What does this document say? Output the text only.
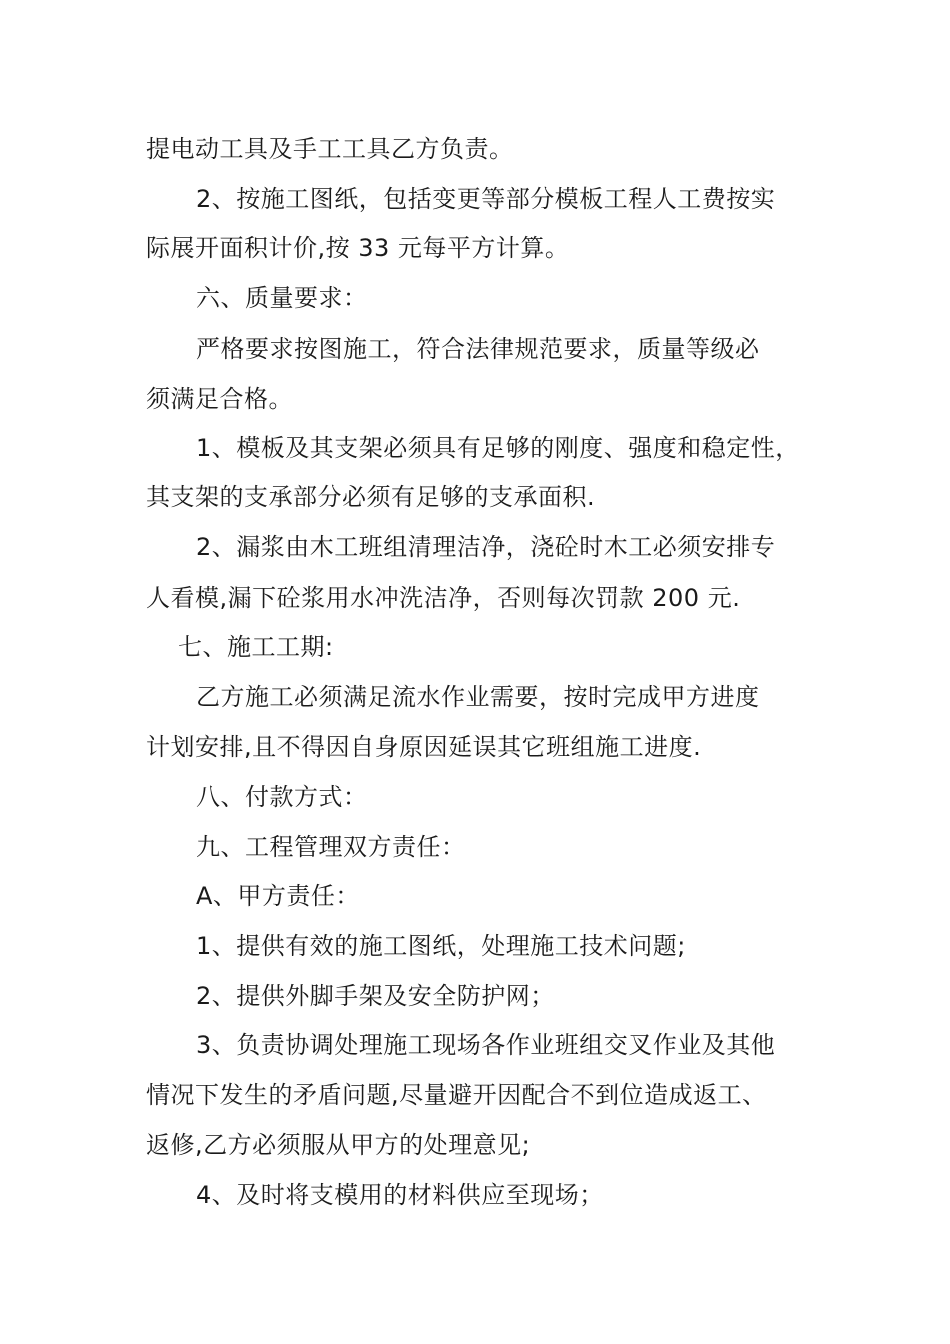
提电动工具及手工工具乙方负责。
2、按施工图纸，包括变更等部分模板工程人工费按实
际展开面积计价,按 33 元每平方计算。
六、质量要求：
严格要求按图施工，符合法律规范要求，质量等级必
须满足合格。
1、模板及其支架必须具有足够的刚度、强度和稳定性，
其支架的支承部分必须有足够的支承面积.
2、漏浆由木工班组清理洁净，浇砼时木工必须安排专
人看模,漏下砼浆用水冲洗洁净，否则每次罚款 200 元.
七、施工工期:
乙方施工必须满足流水作业需要，按时完成甲方进度
计划安排,且不得因自身原因延误其它班组施工进度.
八、付款方式：
九、工程管理双方责任：
A、甲方责任：
1、提供有效的施工图纸，处理施工技术问题;
2、提供外脚手架及安全防护网；
3、负责协调处理施工现场各作业班组交叉作业及其他
情况下发生的矛盾问题,尽量避开因配合不到位造成返工、
返修,乙方必须服从甲方的处理意见;
4、及时将支模用的材料供应至现场；
